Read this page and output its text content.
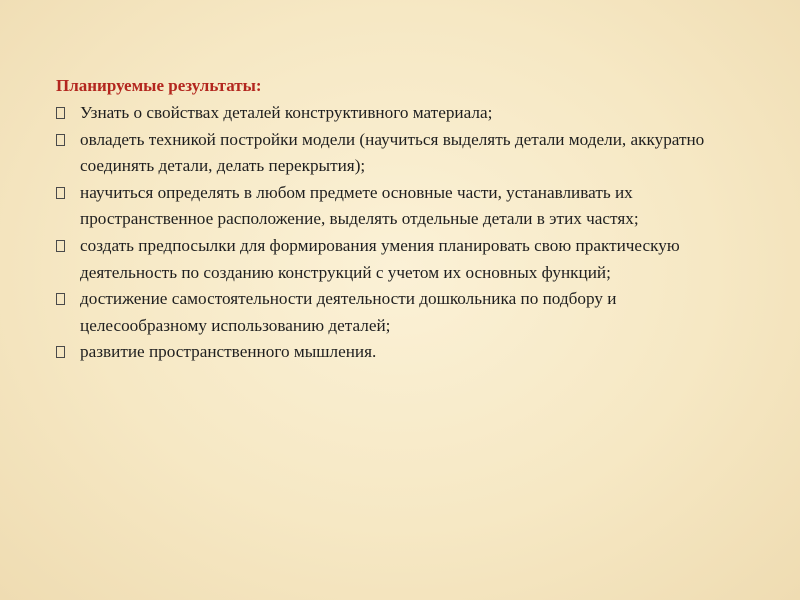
Планируемые результаты:
Узнать о свойствах деталей конструктивного материала;
овладеть техникой постройки модели (научиться выделять детали модели, аккуратно соединять детали, делать перекрытия);
научиться определять в любом предмете основные части, устанавливать их пространственное расположение, выделять отдельные детали в этих частях;
создать предпосылки для формирования умения планировать свою практическую деятельность по созданию конструкций с учетом их основных функций;
достижение самостоятельности деятельности дошкольника по подбору и целесообразному использованию деталей;
развитие пространственного мышления.
